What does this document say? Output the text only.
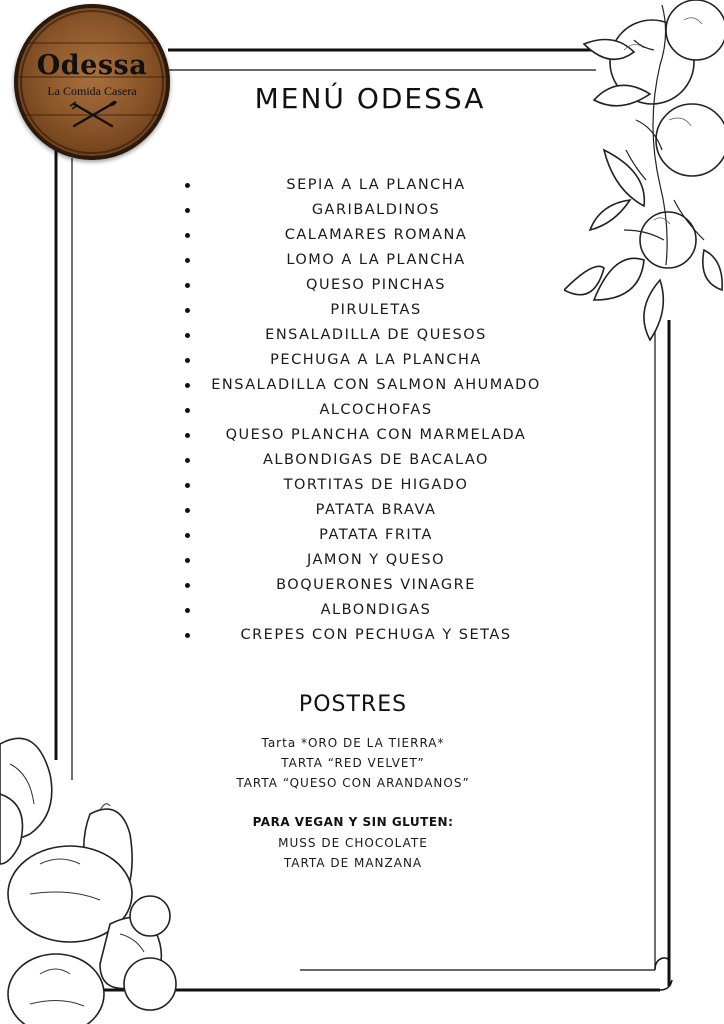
Odessa
La Comida Casera	MENÚ ODESSA
SEPIA A LA PLANCHA
GARIBALDINOS
CALAMARES ROMANA
LOMO A LA PLANCHA
QUESO PINCHAS
PIRULETAS
ENSALADILLA DE QUESOS
PECHUGA A LA PLANCHA
ENSALADILLA CON SALMON AHUMADO
ALCOCHOFAS
QUESO PLANCHA CON MARMELADA
ALBONDIGAS DE BACALAO
TORTITAS DE HIGADO
PATATA BRAVA
PATATA FRITA
JAMON Y QUESO
BOQUERONES VINAGRE
ALBONDIGAS
CREPES CON PECHUGA Y SETAS
POSTRES
Tarta *ORO DE LA TIERRA*
TARTA “RED VELVET”
TARTA “QUESO CON ARANDANOS”
PARA VEGAN Y SIN GLUTEN:
MUSS DE CHOCOLATE
TARTA DE MANZANA
